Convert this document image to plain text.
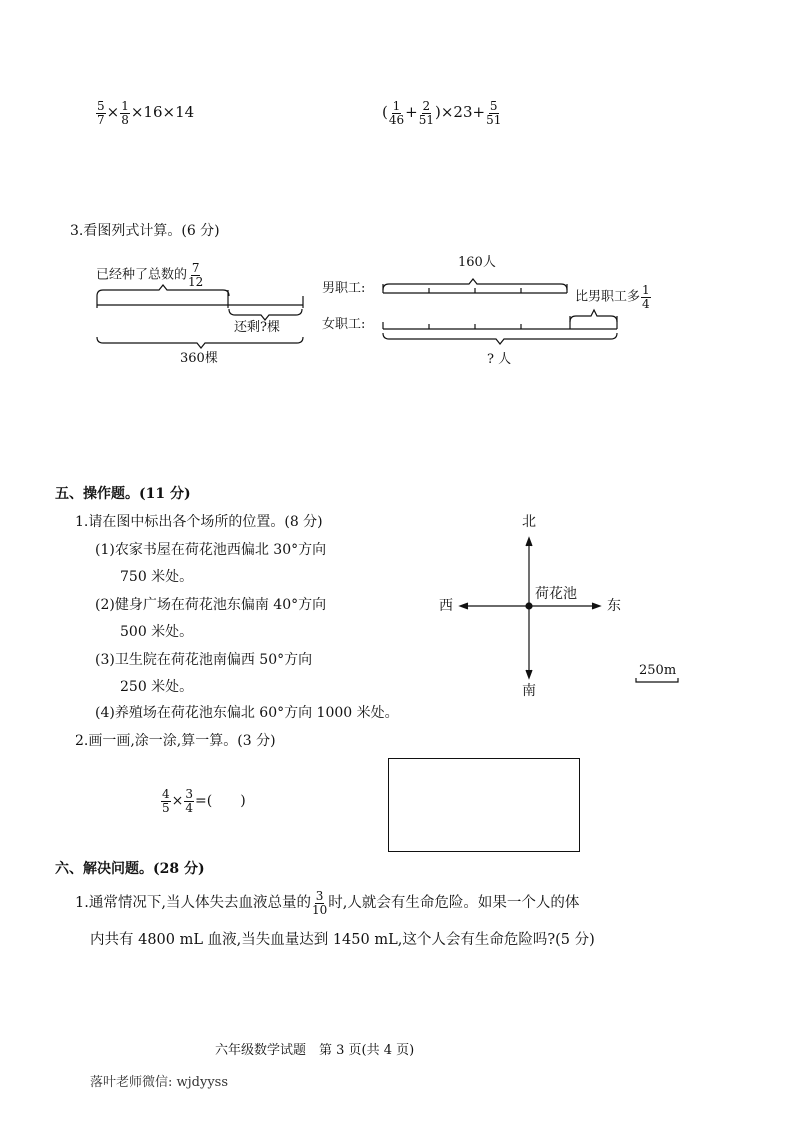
$\frac{5}{7} \times \frac{1}{8} \times 16\times 14$	( $\frac{1}{46} + \frac{2}{51} )\times 23+ \frac{5}{51}$
3.看图列式计算。(6 分)
已经种了总数的 $\frac{7}{12}$
还剩?棵
360棵
男职工:
女职工:
160人
比男职工多 $\frac{1}{4}$
? 人
五、操作题。(11 分)
1.请在图中标出各个场所的位置。(8 分)
(1)农家书屋在荷花池西偏北 30°方向
750 米处。
(2)健身广场在荷花池东偏南 40°方向
500 米处。
(3)卫生院在荷花池南偏西 50°方向
250 米处。
(4)养殖场在荷花池东偏北 60°方向 1000 米处。
北
南
西	东
荷花池
250m
2.画一画,涂一涂,算一算。(3 分)
$\frac{4}{5} \times \frac{3}{4}$ =(　　)
六、解决问题。(28 分)
1.通常情况下,当人体失去血液总量的 $\frac{3}{10}$ 时,人就会有生命危险。如果一个人的体
内共有 4800 mL 血液,当失血量达到 1450 mL,这个人会有生命危险吗?(5 分)
六年级数学试题　第 3 页(共 4 页)
落叶老师微信: wjdyyss
